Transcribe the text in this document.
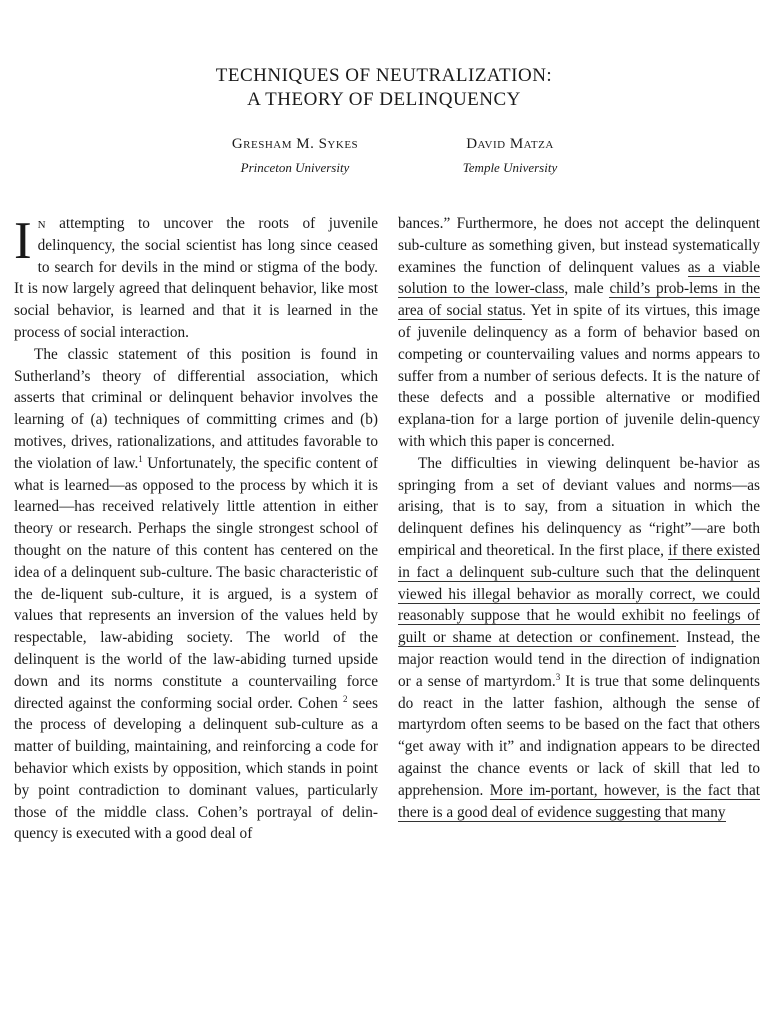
TECHNIQUES OF NEUTRALIZATION:
A THEORY OF DELINQUENCY
Gresham M. Sykes
Princeton University
David Matza
Temple University

In attempting to uncover the roots of juvenile delinquency, the social scientist has long since ceased to search for devils in the mind or stigma of the body. It is now largely agreed that delinquent behavior, like most social behavior, is learned and that it is learned in the process of social interaction.

The classic statement of this position is found in Sutherland’s theory of differential association, which asserts that criminal or delinquent behavior involves the learning of (a) techniques of committing crimes and (b) motives, drives, rationalizations, and attitudes favorable to the violation of law.$^1$ Unfortunately, the specific content of what is learned—as opposed to the process by which it is learned—has received relatively little attention in either theory or research. Perhaps the single strongest school of thought on the nature of this content has centered on the idea of a delinquent sub-culture. The basic characteristic of the de-liquent sub-culture, it is argued, is a system of values that represents an inversion of the values held by respectable, law-abiding society. The world of the delinquent is the world of the law-abiding turned upside down and its norms constitute a countervailing force directed against the conforming social order. Cohen $^2$ sees the process of developing a delinquent sub-culture as a matter of building, maintaining, and reinforcing a code for behavior which exists by opposition, which stands in point by point contradiction to dominant values, particularly those of the middle class. Cohen’s portrayal of delin-quency is executed with a good deal of

bances.” Furthermore, he does not accept the delinquent sub-culture as something given, but instead systematically examines the function of delinquent values as a viable solution to the lower-class, male child’s prob-lems in the area of social status. Yet in spite of its virtues, this image of juvenile delinquency as a form of behavior based on competing or countervailing values and norms appears to suffer from a number of serious defects. It is the nature of these defects and a possible alternative or modified explana-tion for a large portion of juvenile delin-quency with which this paper is concerned.

The difficulties in viewing delinquent be-havior as springing from a set of deviant values and norms—as arising, that is to say, from a situation in which the delinquent defines his delinquency as “right”—are both empirical and theoretical. In the first place, if there existed in fact a delinquent sub-culture such that the delinquent viewed his illegal behavior as morally correct, we could reasonably suppose that he would exhibit no feelings of guilt or shame at detection or confinement. Instead, the major reaction would tend in the direction of indignation or a sense of martyrdom.$^3$ It is true that some delinquents do react in the latter fashion, although the sense of martyrdom often seems to be based on the fact that others “get away with it” and indignation appears to be directed against the chance events or lack of skill that led to apprehension. More im-portant, however, is the fact that there is a good deal of evidence suggesting that many
